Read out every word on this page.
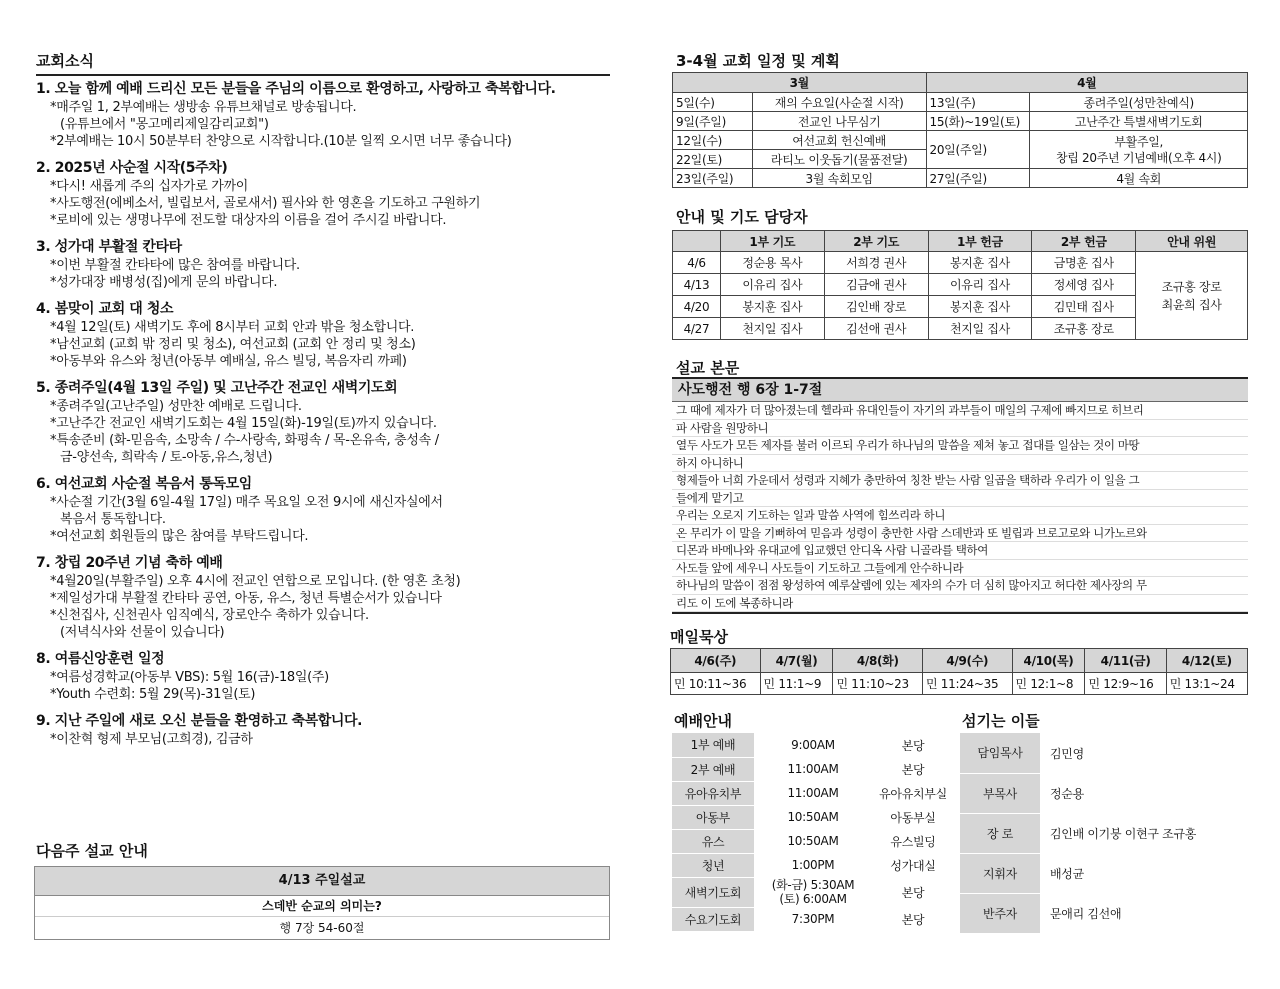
교회소식
1. 오늘 함께 예배 드리신 모든 분들을 주님의 이름으로 환영하고, 사랑하고 축복합니다.
*매주일 1, 2부예배는 생방송 유튜브채널로 방송됩니다.
(유튜브에서 "몽고메리제일감리교회")
*2부예배는 10시 50분부터 찬양으로 시작합니다.(10분 일찍 오시면 너무 좋습니다)
2. 2025년 사순절 시작(5주차)
*다시! 새롭게 주의 십자가로 가까이
*사도행전(에베소서, 빌립보서, 골로새서) 필사와 한 영혼을 기도하고 구원하기
*로비에 있는 생명나무에 전도할 대상자의 이름을 걸어 주시길 바랍니다.
3. 성가대 부활절 칸타타
*이번 부활절 칸타타에 많은 참여를 바랍니다.
*성가대장 배병성(집)에게 문의 바랍니다.
4. 봄맞이 교회 대 청소
*4월 12일(토) 새벽기도 후에 8시부터 교회 안과 밖을 청소합니다.
*남선교회 (교회 밖 정리 및 청소), 여선교회 (교회 안 정리 및 청소)
*아동부와 유스와 청년(아동부 예배실, 유스 빌딩, 복음자리 까페)
5. 종려주일(4월 13일 주일) 및 고난주간 전교인 새벽기도회
*종려주일(고난주일) 성만찬 예배로 드립니다.
*고난주간 전교인 새벽기도회는 4월 15일(화)-19일(토)까지 있습니다.
*특송준비 (화-믿음속, 소망속 / 수-사랑속, 화평속 / 목-온유속, 충성속 /
금-양선속, 희락속 / 토-아동,유스,청년)
6. 여선교회 사순절 복음서 통독모임
*사순절 기간(3월 6일-4월 17일) 매주 목요일 오전 9시에 새신자실에서
복음서 통독합니다.
*여선교회 회원들의 많은 참여를 부탁드립니다.
7. 창립 20주년 기념 축하 예배
*4월20일(부활주일) 오후 4시에 전교인 연합으로 모입니다. (한 영혼 초청)
*제일성가대 부활절 칸타타 공연, 아동, 유스, 청년 특별순서가 있습니다
*신천집사, 신천권사 임직예식, 장로안수 축하가 있습니다.
(저녁식사와 선물이 있습니다)
8. 여름신앙훈련 일정
*여름성경학교(아동부 VBS): 5월 16(금)-18일(주)
*Youth 수련회: 5월 29(목)-31일(토)
9. 지난 주일에 새로 오신 분들을 환영하고 축복합니다.
*이찬혁 형제 부모님(고희경), 김금하
다음주 설교 안내
4/13 주일설교
스데반 순교의 의미는?
행 7장 54-60절
3-4월 교회 일정 및 계획
3월		4월	
5일(수)	재의 수요일(사순절 시작)	13일(주)	종려주일(성만찬예식)
9일(주일)	전교인 나무심기	15(화)~19일(토)	고난주간 특별새벽기도회
12일(수)	여선교회 헌신예배	20일(주일)	부활주일,
창립 20주년 기념예배(오후 4시)

22일(토)	라티노 이웃돕기(물품전달)		
23일(주일)	3월 속회모임	27일(주일)	4월 속회
안내 및 기도 담당자
	1부 기도	2부 기도	1부 헌금	2부 헌금	안내 위원
4/6	정순용 목사	서희경 권사	봉지훈 집사	금명훈 집사	조규홍 장로
최윤희 집사

4/13	이유리 집사	김금애 권사	이유리 집사	정세영 집사	
4/20	봉지훈 집사	김인배 장로	봉지훈 집사	김민태 집사	
4/27	천지일 집사	김선애 권사	천지일 집사	조규홍 장로	
설교 본문
사도행전 행 6장 1-7절
그 때에 제자가 더 많아졌는데 헬라파 유대인들이 자기의 과부들이 매일의 구제에 빠지므로 히브리
파 사람을 원망하니
열두 사도가 모든 제자를 불러 이르되 우리가 하나님의 말씀을 제쳐 놓고 접대를 일삼는 것이 마땅
하지 아니하니
형제들아 너희 가운데서 성령과 지혜가 충만하여 칭찬 받는 사람 일곱을 택하라 우리가 이 일을 그
들에게 맡기고
우리는 오로지 기도하는 일과 말씀 사역에 힘쓰리라 하니
온 무리가 이 말을 기뻐하여 믿음과 성령이 충만한 사람 스데반과 또 빌립과 브로고로와 니가노르와
디몬과 바메나와 유대교에 입교했던 안디옥 사람 니골라를 택하여
사도들 앞에 세우니 사도들이 기도하고 그들에게 안수하니라
하나님의 말씀이 점점 왕성하여 예루살렘에 있는 제자의 수가 더 심히 많아지고 허다한 제사장의 무
리도 이 도에 복종하니라
매일묵상
4/6(주)	4/7(월)	4/8(화)	4/9(수)	4/10(목)	4/11(금)	4/12(토)
민 10:11~36	민 11:1~9	민 11:10~23	민 11:24~35	민 12:1~8	민 12:9~16	민 13:1~24
예배안내
1부 예배	9:00AM	본당
2부 예배	11:00AM	본당
유아유치부	11:00AM	유아유치부실
아동부	10:50AM	아동부실
유스	10:50AM	유스빌딩
청년	1:00PM	성가대실
새벽기도회	(화-금) 5:30AM
(토) 6:00AM	본당
수요기도회	7:30PM	본당
섬기는 이들
담임목사	김민영
부목사	정순용
장 로	김인배 이기붕 이현구 조규홍
지휘자	배성균
반주자	문애리 김선애
